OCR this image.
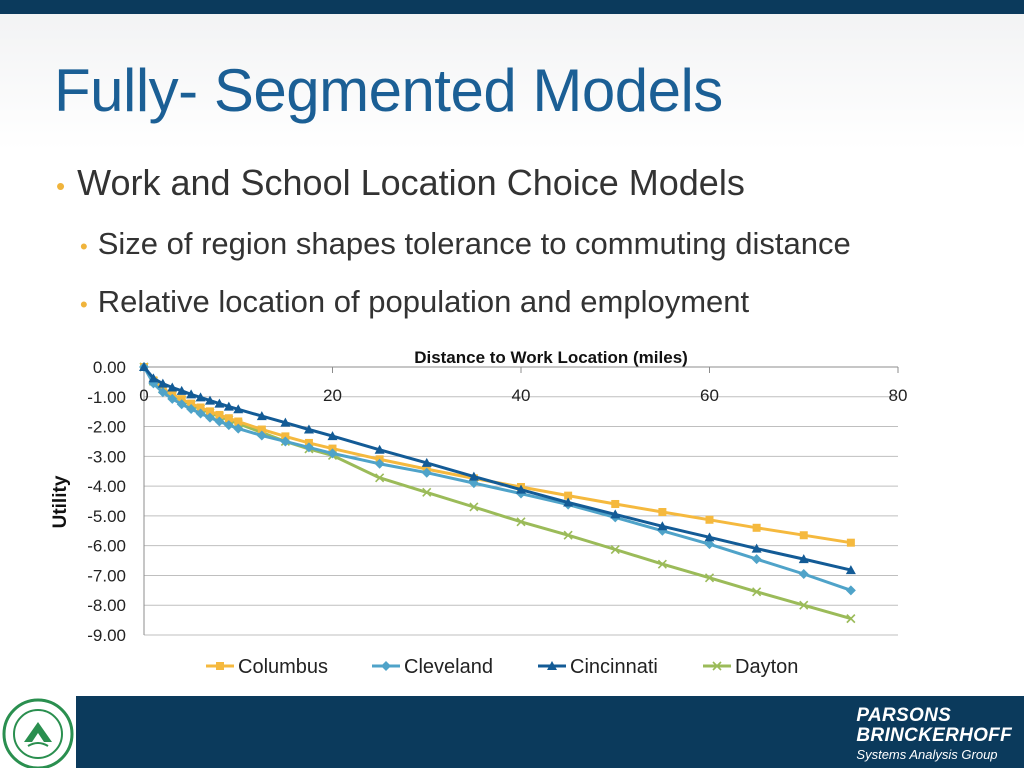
Fully- Segmented Models
• Work and School Location Choice Models
• Size of region shapes tolerance to commuting distance
• Relative location of population and employment
0.00
-1.00
-2.00
-3.00
-4.00
-5.00
-6.00
-7.00
-8.00
-9.00
0	20	40	60	80
Distance to Work Location (miles)
Utility
Columbus	Cleveland	Cincinnati	Dayton
PARSONS
BRINCKERHOFF
Systems Analysis Group
